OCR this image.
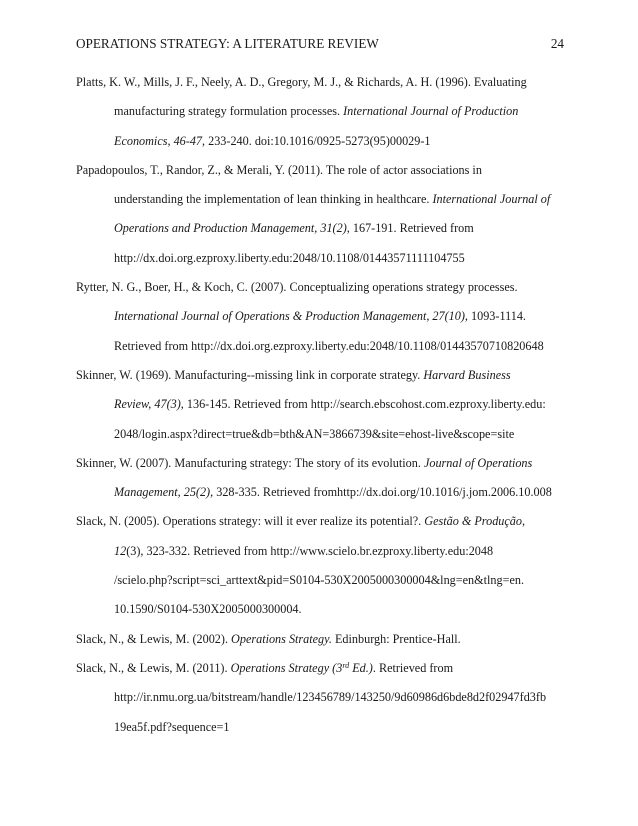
OPERATIONS STRATEGY: A LITERATURE REVIEW	24
Platts, K. W., Mills, J. F., Neely, A. D., Gregory, M. J., & Richards, A. H. (1996). Evaluating
manufacturing strategy formulation processes. International Journal of Production
Economics, 46-47, 233-240. doi:10.1016/0925-5273(95)00029-1
Papadopoulos, T., Randor, Z., & Merali, Y. (2011). The role of actor associations in
understanding the implementation of lean thinking in healthcare. International Journal of
Operations and Production Management, 31(2), 167-191. Retrieved from
http://dx.doi.org.ezproxy.liberty.edu:2048/10.1108/01443571111104755
Rytter, N. G., Boer, H., & Koch, C. (2007). Conceptualizing operations strategy processes.
International Journal of Operations & Production Management, 27(10), 1093-1114.
Retrieved from http://dx.doi.org.ezproxy.liberty.edu:2048/10.1108/01443570710820648
Skinner, W. (1969). Manufacturing--missing link in corporate strategy. Harvard Business
Review, 47(3), 136-145. Retrieved from http://search.ebscohost.com.ezproxy.liberty.edu:
2048/login.aspx?direct=true&db=bth&AN=3866739&site=ehost-live&scope=site
Skinner, W. (2007). Manufacturing strategy: The story of its evolution. Journal of Operations
Management, 25(2), 328-335. Retrieved fromhttp://dx.doi.org/10.1016/j.jom.2006.10.008
Slack, N. (2005). Operations strategy: will it ever realize its potential?. Gestão & Produção,
12(3), 323-332. Retrieved from http://www.scielo.br.ezproxy.liberty.edu:2048
/scielo.php?script=sci_arttext&pid=S0104-530X2005000300004&lng=en&tlng=en.
10.1590/S0104-530X2005000300004.
Slack, N., & Lewis, M. (2002). Operations Strategy. Edinburgh: Prentice-Hall.
Slack, N., & Lewis, M. (2011). Operations Strategy (3rd Ed.). Retrieved from
http://ir.nmu.org.ua/bitstream/handle/123456789/143250/9d60986d6bde8d2f02947fd3fb
19ea5f.pdf?sequence=1
